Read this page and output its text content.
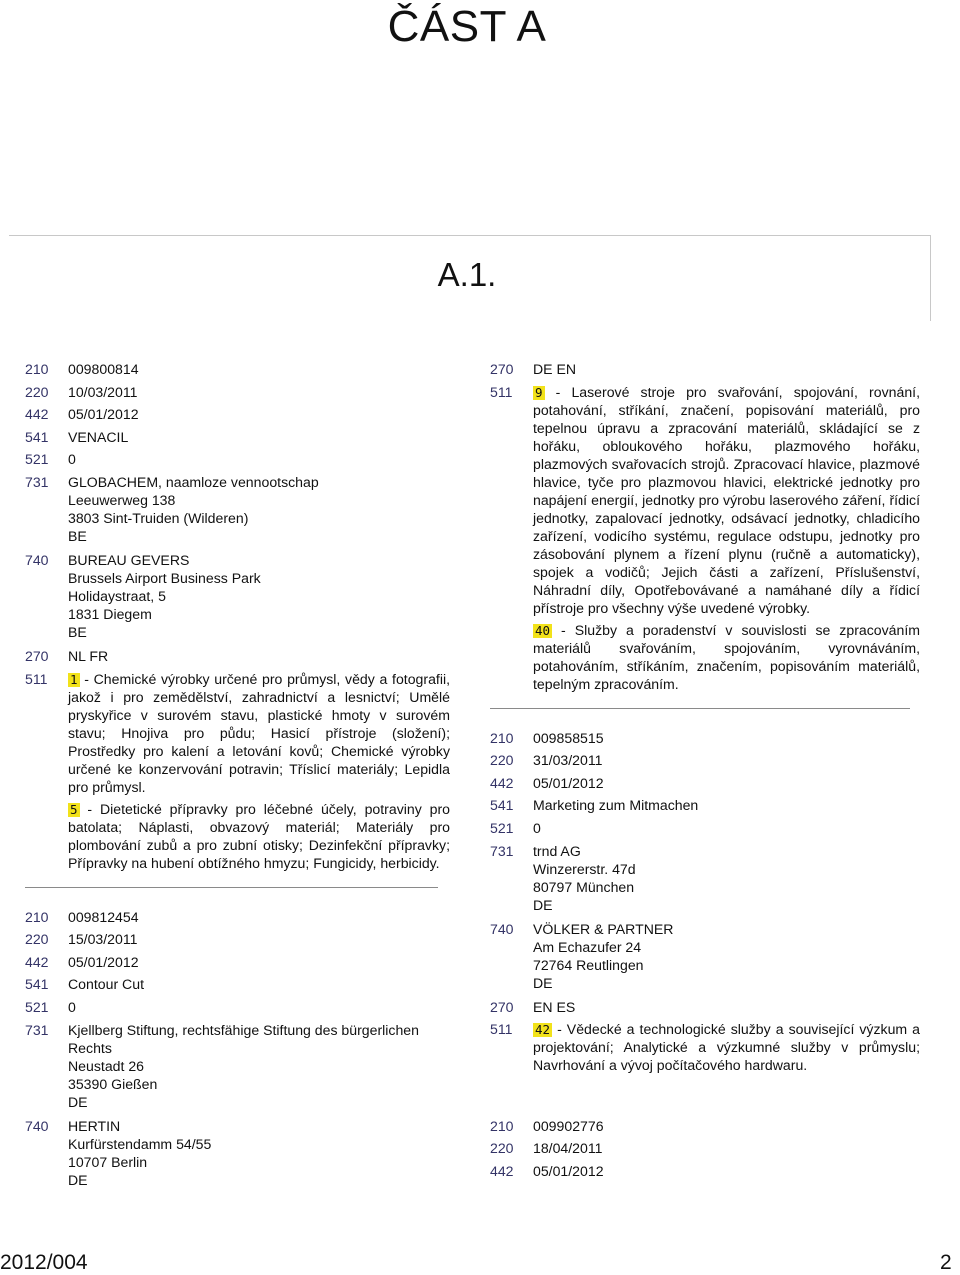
ČÁST A
A.1.
210	009800814
220	10/03/2011
442	05/01/2012
541	VENACIL
521	0
731	GLOBACHEM, naamloze vennootschap
Leeuwerweg 138
3803 Sint-Truiden (Wilderen)
BE
740	BUREAU GEVERS
Brussels Airport Business Park
Holidaystraat, 5
1831 Diegem
BE
270	NL FR
511	1 - Chemické výrobky určené pro průmysl, vědy a fotografii, jakož i pro zemědělství, zahradnictví a lesnictví; Umělé pryskyřice v surovém stavu, plastické hmoty v surovém stavu; Hnojiva pro půdu; Hasicí přístroje (složení); Prostředky pro kalení a letování kovů; Chemické výrobky určené ke konzervování potravin; Třísliсí materiály; Lepidla pro průmysl.
5 - Dietetické přípravky pro léčebné účely, potraviny pro batolata; Náplasti, obvazový materiál; Materiály pro plombování zubů a pro zubní otisky; Dezinfekční přípravky; Přípravky na hubení obtížného hmyzu; Fungicidy, herbicidy.
210	009812454
220	15/03/2011
442	05/01/2012
541	Contour Cut
521	0
731	Kjellberg Stiftung, rechtsfähige Stiftung des bürgerlichen
Rechts
Neustadt 26
35390 Gießen
DE
740	HERTIN
Kurfürstendamm 54/55
10707 Berlin
DE
270	DE EN
511	9 - Laserové stroje pro svařování, spojování, rovnání, potahování, stříkání, značení, popisování materiálů, pro tepelnou úpravu a zpracování materiálů, skládající se z hořáku, obloukového hořáku, plazmového hořáku, plazmových svařovacích strojů. Zpracovací hlavice, plazmové hlavice, tyče pro plazmovou hlavici, elektrické jednotky pro napájení energií, jednotky pro výrobu laserového záření, řídicí jednotky, zapalovací jednotky, odsávací jednotky, chladicího zařízení, vodicího systému, regulace odstupu, jednotky pro zásobování plynem a řízení plynu (ručně a automaticky), spojek a vodičů; Jejich části a zařízení, Příslušenství, Náhradní díly, Opotřebovávané a namáhané díly a řídicí přístroje pro všechny výše uvedené výrobky.
40 - Služby a poradenství v souvislosti se zpracováním materiálů svařováním, spojováním, vyrovnáváním, potahováním, stříkáním, značením, popisováním materiálů, tepelným zpracováním.
210	009858515
220	31/03/2011
442	05/01/2012
541	Marketing zum Mitmachen
521	0
731	trnd AG
Winzererstr. 47d
80797 München
DE
740	VÖLKER & PARTNER
Am Echazufer 24
72764 Reutlingen
DE
270	EN ES
511	42 - Vědecké a technologické služby a související výzkum a projektování; Analytické a výzkumné služby v průmyslu; Navrhování a vývoj počítačového hardwaru.
210	009902776
220	18/04/2011
442	05/01/2012
2012/004	2
